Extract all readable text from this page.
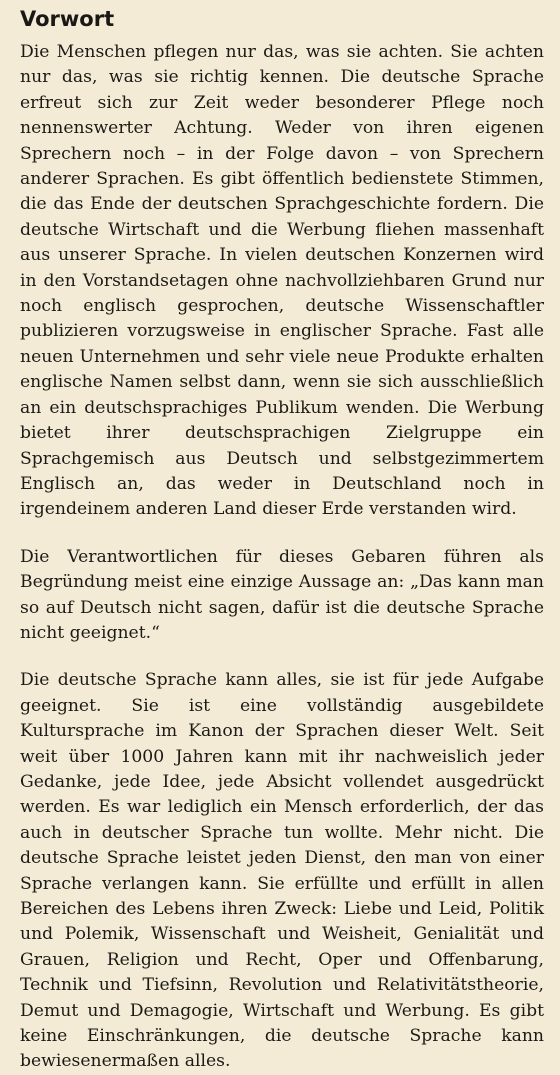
Vorwort

Die Menschen pflegen nur das, was sie achten. Sie achten nur das, was sie richtig kennen. Die deutsche Sprache erfreut sich zur Zeit weder besonderer Pflege noch nennenswerter Achtung. Weder von ihren eigenen Sprechern noch – in der Folge davon – von Sprechern anderer Sprachen. Es gibt öffentlich bedienstete Stimmen, die das Ende der deutschen Sprachgeschichte fordern. Die deutsche Wirtschaft und die Werbung fliehen massenhaft aus unserer Sprache. In vielen deutschen Konzernen wird in den Vorstandsetagen ohne nachvollziehbaren Grund nur noch englisch gesprochen, deutsche Wissenschaftler publizieren vorzugsweise in englischer Sprache. Fast alle neuen Unternehmen und sehr viele neue Produkte erhalten englische Namen selbst dann, wenn sie sich ausschließlich an ein deutschsprachiges Publikum wenden. Die Werbung bietet ihrer deutschsprachigen Zielgruppe ein Sprachgemisch aus Deutsch und selbstgezimmertem Englisch an, das weder in Deutschland noch in irgendeinem anderen Land dieser Erde verstanden wird.

Die Verantwortlichen für dieses Gebaren führen als Begründung meist eine einzige Aussage an: „Das kann man so auf Deutsch nicht sagen, dafür ist die deutsche Sprache nicht geeignet.“

Die deutsche Sprache kann alles, sie ist für jede Aufgabe geeignet. Sie ist eine vollständig ausgebildete Kultursprache im Kanon der Sprachen dieser Welt. Seit weit über 1000 Jahren kann mit ihr nachweislich jeder Gedanke, jede Idee, jede Absicht vollendet ausgedrückt werden. Es war lediglich ein Mensch erforderlich, der das auch in deutscher Sprache tun wollte. Mehr nicht. Die deutsche Sprache leistet jeden Dienst, den man von einer Sprache verlangen kann. Sie erfüllte und erfüllt in allen Bereichen des Lebens ihren Zweck: Liebe und Leid, Politik und Polemik, Wissenschaft und Weisheit, Genialität und Grauen, Religion und Recht, Oper und Offenbarung, Technik und Tiefsinn, Revolution und Relativitätstheorie, Demut und Demagogie, Wirtschaft und Werbung. Es gibt keine Einschränkungen, die deutsche Sprache kann bewiesenermaßen alles.
